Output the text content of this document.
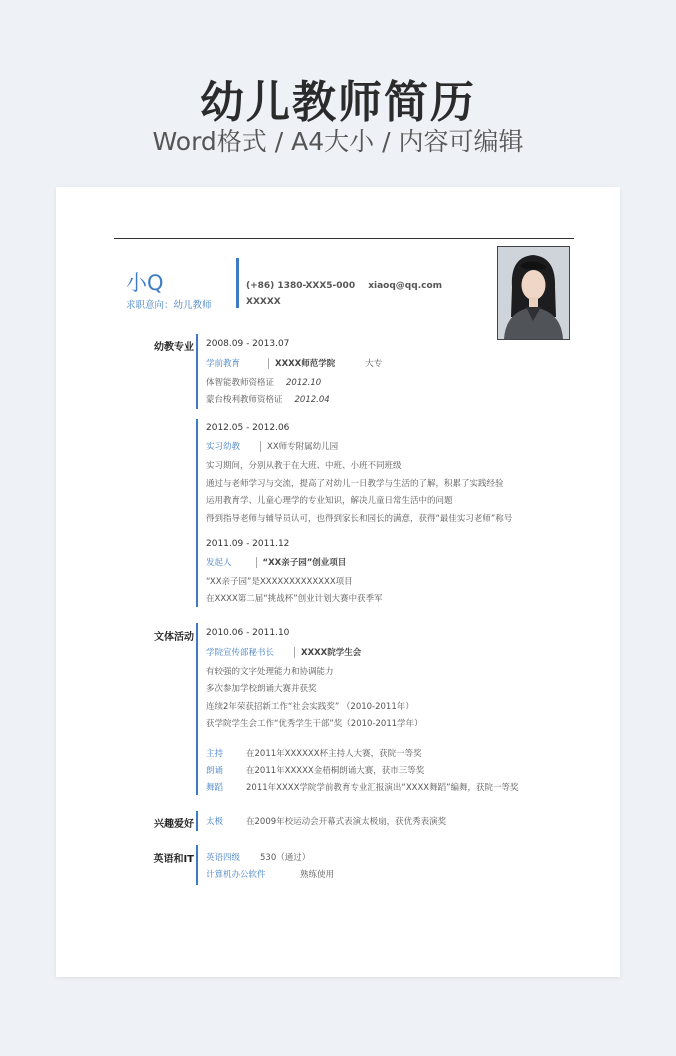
幼儿教师简历
Word格式 / A4大小 / 内容可编辑
小Q
求职意向：幼儿教师
(+86) 1380-XXX5-000 xiaoq@qq.com
XXXXX
幼教专业 2008.09 - 2013.07
学前教育	XXXX师范学院	大专
体智能教师资格证 2012.10
蒙台梭利教师资格证 2012.04
2012.05 - 2012.06
实习幼教	XX师专附属幼儿园
实习期间，分别从教于在大班、中班、小班不同班级
通过与老师学习与交流，提高了对幼儿一日教学与生活的了解，积累了实践经验
运用教育学、儿童心理学的专业知识，解决儿童日常生活中的问题
得到指导老师与辅导员认可，也得到家长和园长的满意，获得“最佳实习老师”称号
2011.09 - 2011.12
发起人	“XX亲子园”创业项目
“XX亲子园”是XXXXXXXXXXXXX项目
在XXXX第二届“挑战杯”创业计划大赛中获季军
文体活动 2010.06 - 2011.10
学院宣传部秘书长	XXXX院学生会
有较强的文字处理能力和协调能力
多次参加学校朗诵大赛并获奖
连续2年荣获招新工作“社会实践奖” （2010-2011年）
获学院学生会工作“优秀学生干部”奖（2010-2011学年）
主持	在2011年XXXXXX杯主持人大赛，获院一等奖
朗诵	在2011年XXXXX金梧桐朗诵大赛，获市三等奖
舞蹈	2011年XXXX学院学前教育专业汇报演出“XXXX舞蹈”编舞，获院一等奖
兴趣爱好 太极	在2009年校运动会开幕式表演太极扇，获优秀表演奖
英语和IT 英语四级 530（通过）
计算机办公软件	熟练使用
